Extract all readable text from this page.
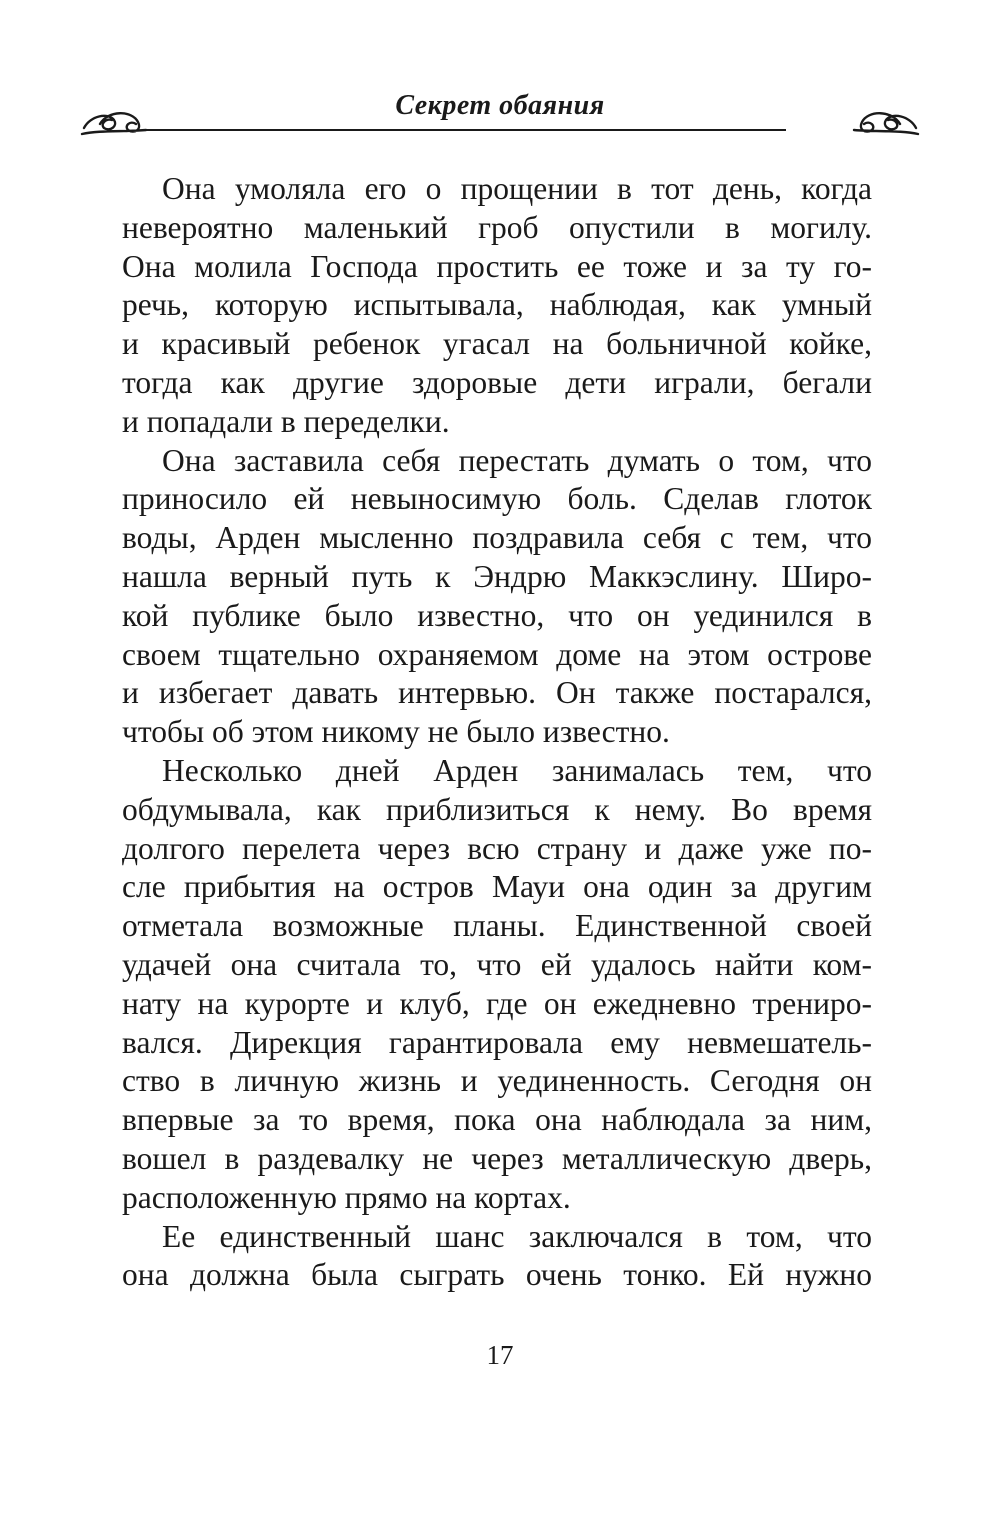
Секрет обаяния
Она умоляла его о прощении в тот день, когда
невероятно маленький гроб опустили в могилу.
Она молила Господа простить ее тоже и за ту го-
речь, которую испытывала, наблюдая, как умный
и красивый ребенок угасал на больничной койке,
тогда как другие здоровые дети играли, бегали
и попадали в переделки.
Она заставила себя перестать думать о том, что
приносило ей невыносимую боль. Сделав глоток
воды, Арден мысленно поздравила себя с тем, что
нашла верный путь к Эндрю Маккэслину. Широ-
кой публике было известно, что он уединился в
своем тщательно охраняемом доме на этом острове
и избегает давать интервью. Он также постарался,
чтобы об этом никому не было известно.
Несколько дней Арден занималась тем, что
обдумывала, как приблизиться к нему. Во время
долгого перелета через всю страну и даже уже по-
сле прибытия на остров Мауи она один за другим
отметала возможные планы. Единственной своей
удачей она считала то, что ей удалось найти ком-
нату на курорте и клуб, где он ежедневно трениро-
вался. Дирекция гарантировала ему невмешатель-
ство в личную жизнь и уединенность. Сегодня он
впервые за то время, пока она наблюдала за ним,
вошел в раздевалку не через металлическую дверь,
расположенную прямо на кортах.
Ее единственный шанс заключался в том, что
она должна была сыграть очень тонко. Ей нужно
17
